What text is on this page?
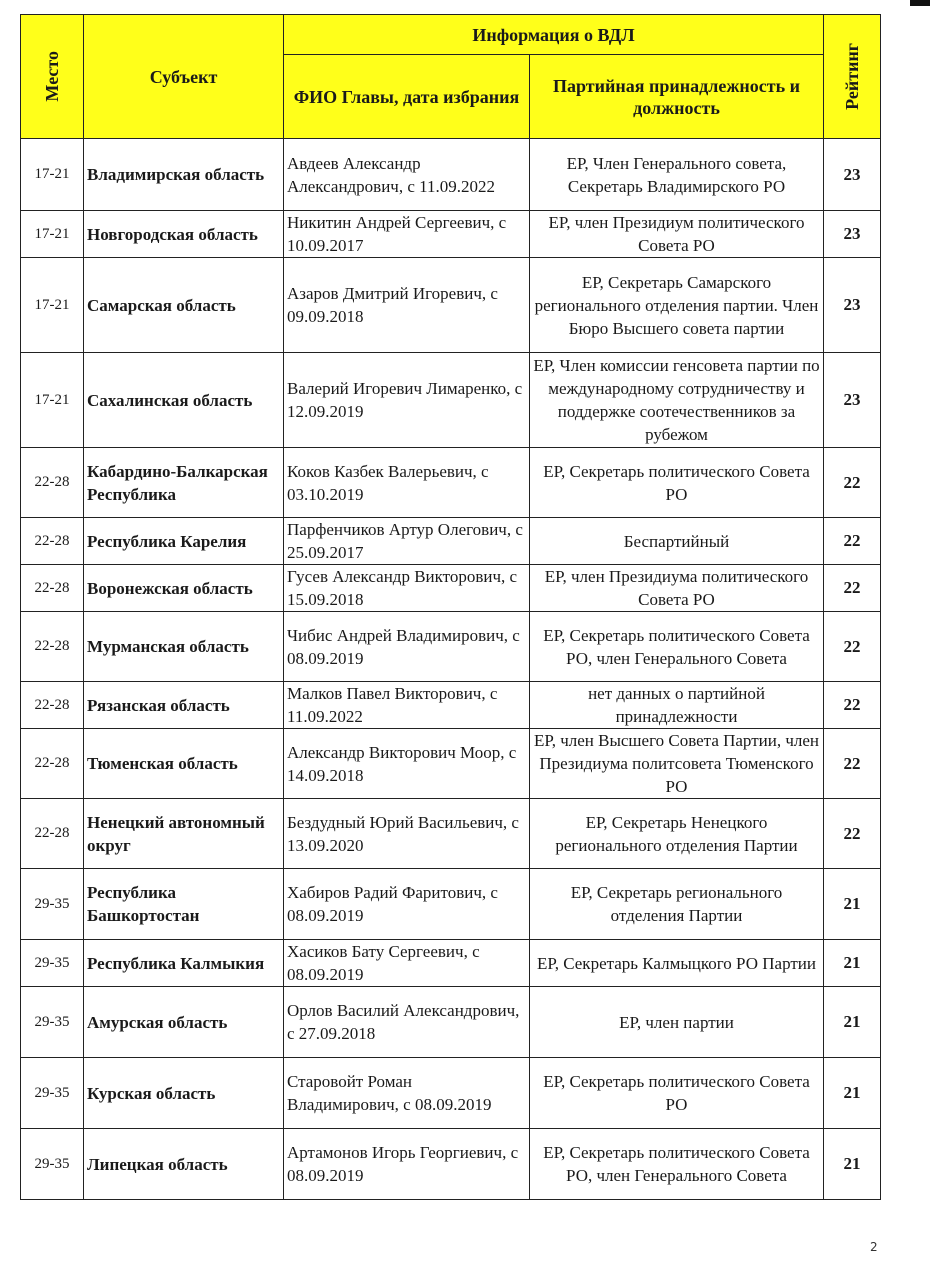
Место	Субъект	Информация о ВДЛ		Рейтинг

		ФИО Главы, дата избрания	Партийная принадлежность и должность	
17-21	Владимирская область	Авдеев Александр Александрович, с 11.09.2022	ЕР, Член Генерального совета, Секретарь Владимирского РО	23
17-21	Новгородская область	Никитин Андрей Сергеевич, с 10.09.2017	ЕР, член Президиум политического Совета РО	23
17-21	Самарская область	Азаров Дмитрий Игоревич, с 09.09.2018	ЕР, Секретарь Самарского регионального отделения партии. Член Бюро Высшего совета партии	23
17-21	Сахалинская область	Валерий Игоревич Лимаренко, с 12.09.2019	ЕР, Член комиссии генсовета партии по международному сотрудничеству и поддержке соотечественников за рубежом	23
22-28	Кабардино-Балкарская Республика	Коков Казбек Валерьевич, с 03.10.2019	ЕР, Секретарь политического Совета РО	22
22-28	Республика Карелия	Парфенчиков Артур Олегович, с 25.09.2017	Беспартийный	22
22-28	Воронежская область	Гусев Александр Викторович, с 15.09.2018	ЕР, член Президиума политического Совета РО	22
22-28	Мурманская область	Чибис Андрей Владимирович, с 08.09.2019	ЕР, Секретарь политического Совета РО, член Генерального Совета	22
22-28	Рязанская область	Малков Павел Викторович, с 11.09.2022	нет данных о партийной принадлежности	22
22-28	Тюменская область	Александр Викторович Моор, с 14.09.2018	ЕР, член Высшего Совета Партии, член Президиума политсовета Тюменского РО	22
22-28	Ненецкий автономный округ	Бездудный Юрий Васильевич, с 13.09.2020	ЕР, Секретарь Ненецкого регионального отделения Партии	22
29-35	Республика Башкортостан	Хабиров Радий Фаритович, с 08.09.2019	ЕР, Секретарь регионального отделения Партии	21
29-35	Республика Калмыкия	Хасиков Бату Сергеевич, с 08.09.2019	ЕР, Секретарь Калмыцкого РО Партии	21
29-35	Амурская область	Орлов Василий Александрович, с 27.09.2018	ЕР, член партии	21
29-35	Курская область	Старовойт Роман Владимирович, с 08.09.2019	ЕР, Секретарь политического Совета РО	21
29-35	Липецкая область	Артамонов Игорь Георгиевич, с 08.09.2019	ЕР, Секретарь политического Совета РО, член Генерального Совета	21
2
